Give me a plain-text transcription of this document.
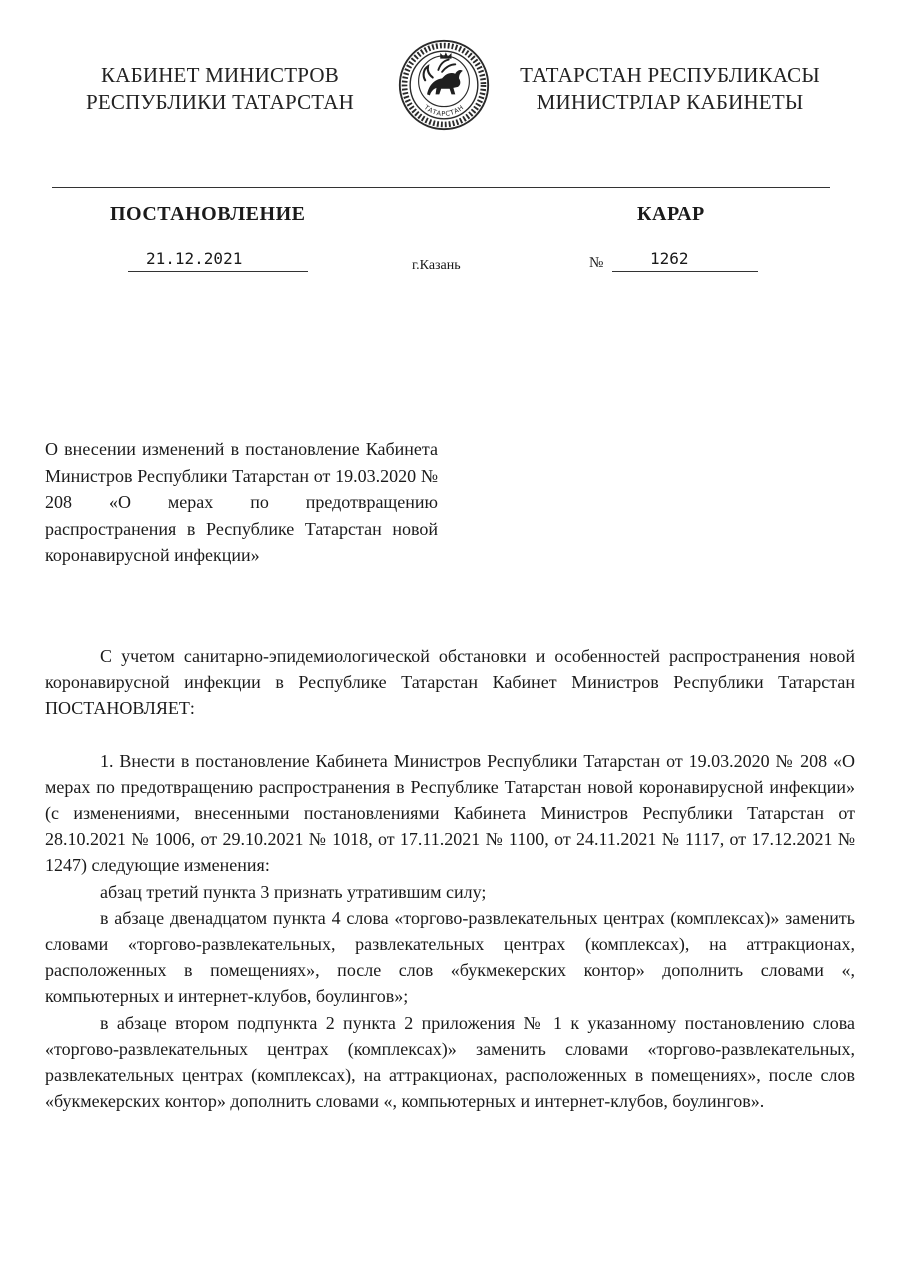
КАБИНЕТ МИНИСТРОВ
РЕСПУБЛИКИ ТАТАРСТАН	ТАТАРСТАН
ТАТАРСТАН РЕСПУБЛИКАСЫ
МИНИСТРЛАР КАБИНЕТЫ
ПОСТАНОВЛЕНИЕ	КАРАР
21.12.2021	г.Казань	№	1262

О внесении изменений в постановление Кабинета Министров Республики Татарстан от 19.03.2020 № 208 «О мерах по предотвращению распространения в Республике Татарстан новой коронавирусной инфекции»

С учетом санитарно-эпидемиологической обстановки и особенностей распространения новой коронавирусной инфекции в Республике Татарстан Кабинет Министров Республики Татарстан ПОСТАНОВЛЯЕТ:

1. Внести в постановление Кабинета Министров Республики Татарстан от 19.03.2020 № 208 «О мерах по предотвращению распространения в Республике Татарстан новой коронавирусной инфекции» (с изменениями, внесенными постановлениями Кабинета Министров Республики Татарстан от 28.10.2021 № 1006, от 29.10.2021 № 1018, от 17.11.2021 № 1100, от 24.11.2021 № 1117, от 17.12.2021 № 1247) следующие изменения:

абзац третий пункта 3 признать утратившим силу;

в абзаце двенадцатом пункта 4 слова «торгово-развлекательных центрах (комплексах)» заменить словами «торгово-развлекательных, развлекательных центрах (комплексах), на аттракционах, расположенных в помещениях», после слов «букмекерских контор» дополнить словами «, компьютерных и интернет-клубов, боулингов»;

в абзаце втором подпункта 2 пункта 2 приложения № 1 к указанному постановлению слова «торгово-развлекательных центрах (комплексах)» заменить словами «торгово-развлекательных, развлекательных центрах (комплексах), на аттракционах, расположенных в помещениях», после слов «букмекерских контор» дополнить словами «, компьютерных и интернет-клубов, боулингов».
